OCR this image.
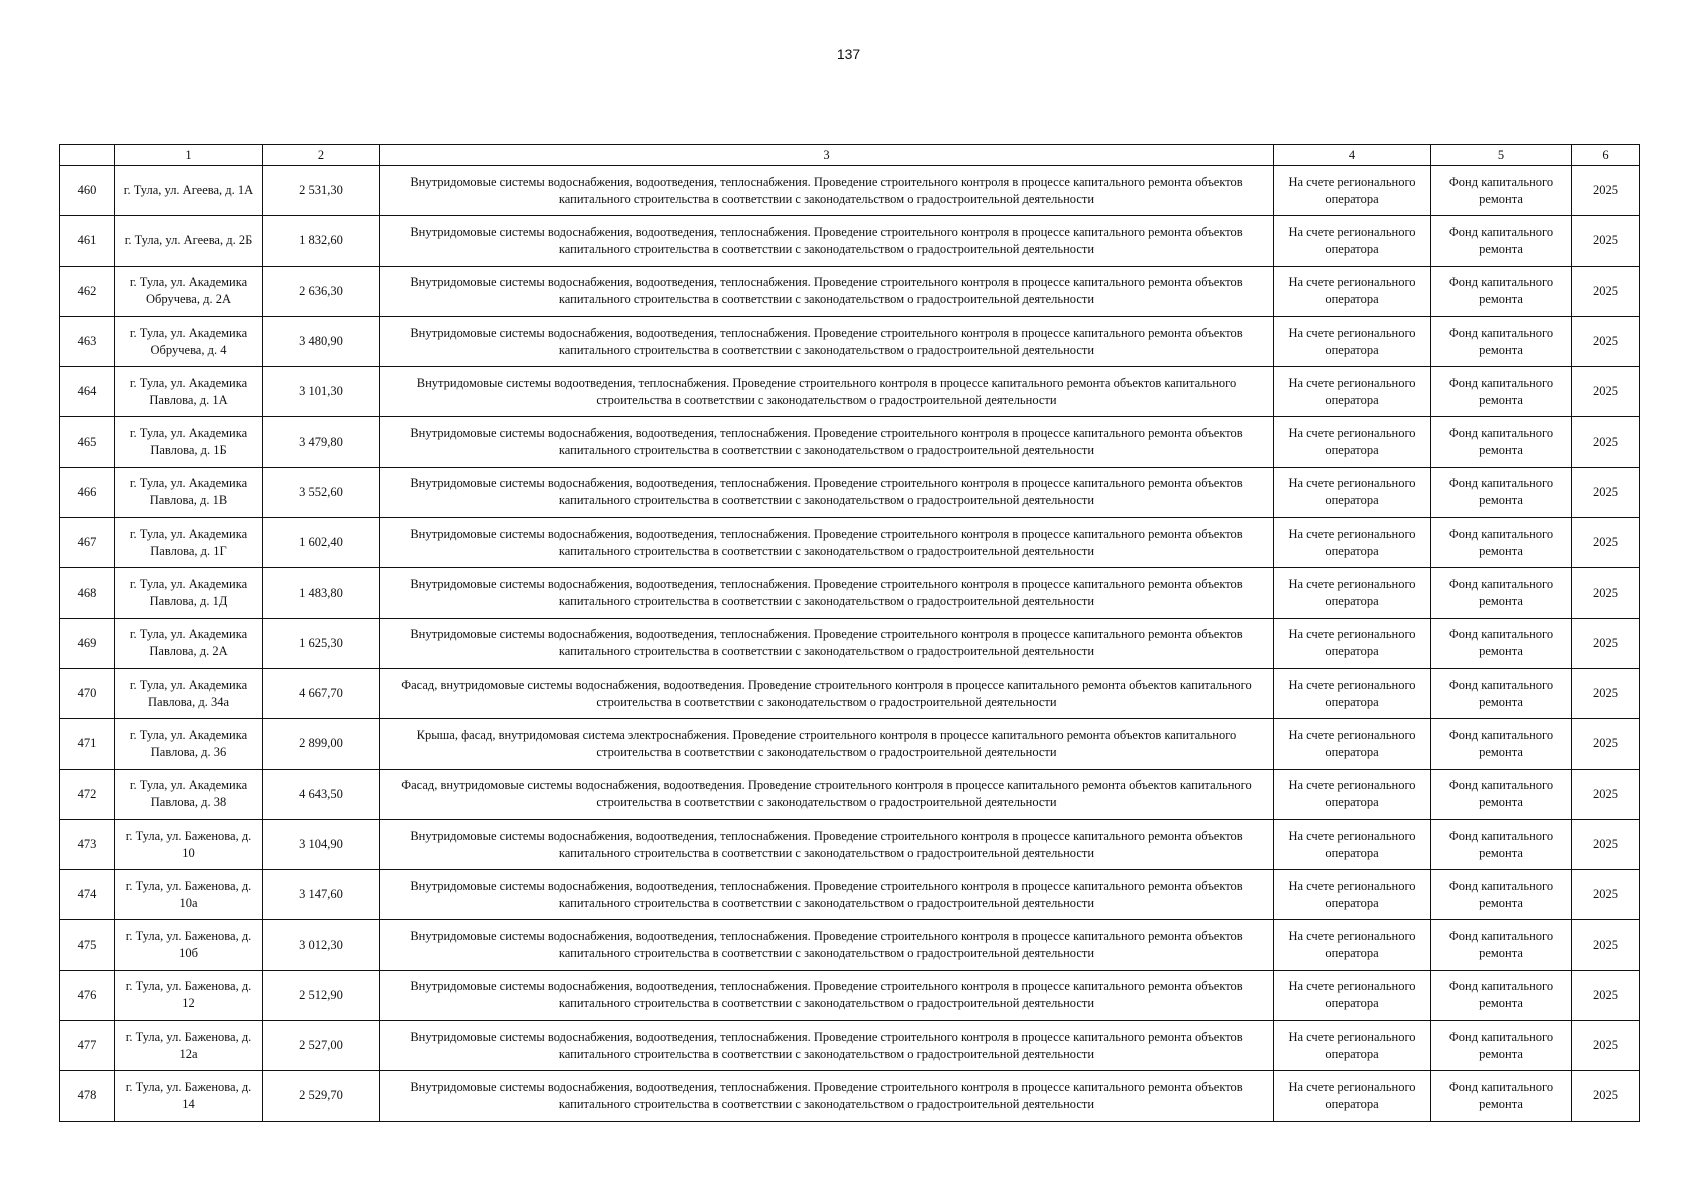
137
	1	2	3	4	5	6
460	г. Тула, ул. Агеева, д. 1А	2 531,30	Внутридомовые системы водоснабжения, водоотведения, теплоснабжения. Проведение строительного контроля в процессе капитального ремонта объектов капитального строительства в соответствии с законодательством о градостроительной деятельности	На счете регионального оператора	Фонд капитального ремонта	2025
461	г. Тула, ул. Агеева, д. 2Б	1 832,60	Внутридомовые системы водоснабжения, водоотведения, теплоснабжения. Проведение строительного контроля в процессе капитального ремонта объектов капитального строительства в соответствии с законодательством о градостроительной деятельности	На счете регионального оператора	Фонд капитального ремонта	2025
462	г. Тула, ул. Академика Обручева, д. 2А	2 636,30	Внутридомовые системы водоснабжения, водоотведения, теплоснабжения. Проведение строительного контроля в процессе капитального ремонта объектов капитального строительства в соответствии с законодательством о градостроительной деятельности	На счете регионального оператора	Фонд капитального ремонта	2025
463	г. Тула, ул. Академика Обручева, д. 4	3 480,90	Внутридомовые системы водоснабжения, водоотведения, теплоснабжения. Проведение строительного контроля в процессе капитального ремонта объектов капитального строительства в соответствии с законодательством о градостроительной деятельности	На счете регионального оператора	Фонд капитального ремонта	2025
464	г. Тула, ул. Академика Павлова, д. 1А	3 101,30	Внутридомовые системы водоотведения, теплоснабжения. Проведение строительного контроля в процессе капитального ремонта объектов капитального строительства в соответствии с законодательством о градостроительной деятельности	На счете регионального оператора	Фонд капитального ремонта	2025
465	г. Тула, ул. Академика Павлова, д. 1Б	3 479,80	Внутридомовые системы водоснабжения, водоотведения, теплоснабжения. Проведение строительного контроля в процессе капитального ремонта объектов капитального строительства в соответствии с законодательством о градостроительной деятельности	На счете регионального оператора	Фонд капитального ремонта	2025
466	г. Тула, ул. Академика Павлова, д. 1В	3 552,60	Внутридомовые системы водоснабжения, водоотведения, теплоснабжения. Проведение строительного контроля в процессе капитального ремонта объектов капитального строительства в соответствии с законодательством о градостроительной деятельности	На счете регионального оператора	Фонд капитального ремонта	2025
467	г. Тула, ул. Академика Павлова, д. 1Г	1 602,40	Внутридомовые системы водоснабжения, водоотведения, теплоснабжения. Проведение строительного контроля в процессе капитального ремонта объектов капитального строительства в соответствии с законодательством о градостроительной деятельности	На счете регионального оператора	Фонд капитального ремонта	2025
468	г. Тула, ул. Академика Павлова, д. 1Д	1 483,80	Внутридомовые системы водоснабжения, водоотведения, теплоснабжения. Проведение строительного контроля в процессе капитального ремонта объектов капитального строительства в соответствии с законодательством о градостроительной деятельности	На счете регионального оператора	Фонд капитального ремонта	2025
469	г. Тула, ул. Академика Павлова, д. 2А	1 625,30	Внутридомовые системы водоснабжения, водоотведения, теплоснабжения. Проведение строительного контроля в процессе капитального ремонта объектов капитального строительства в соответствии с законодательством о градостроительной деятельности	На счете регионального оператора	Фонд капитального ремонта	2025
470	г. Тула, ул. Академика Павлова, д. 34а	4 667,70	Фасад, внутридомовые системы водоснабжения, водоотведения. Проведение строительного контроля в процессе капитального ремонта объектов капитального строительства в соответствии с законодательством о градостроительной деятельности	На счете регионального оператора	Фонд капитального ремонта	2025
471	г. Тула, ул. Академика Павлова, д. 36	2 899,00	Крыша, фасад, внутридомовая система электроснабжения. Проведение строительного контроля в процессе капитального ремонта объектов капитального строительства в соответствии с законодательством о градостроительной деятельности	На счете регионального оператора	Фонд капитального ремонта	2025
472	г. Тула, ул. Академика Павлова, д. 38	4 643,50	Фасад, внутридомовые системы водоснабжения, водоотведения. Проведение строительного контроля в процессе капитального ремонта объектов капитального строительства в соответствии с законодательством о градостроительной деятельности	На счете регионального оператора	Фонд капитального ремонта	2025
473	г. Тула, ул. Баженова, д. 10	3 104,90	Внутридомовые системы водоснабжения, водоотведения, теплоснабжения. Проведение строительного контроля в процессе капитального ремонта объектов капитального строительства в соответствии с законодательством о градостроительной деятельности	На счете регионального оператора	Фонд капитального ремонта	2025
474	г. Тула, ул. Баженова, д. 10а	3 147,60	Внутридомовые системы водоснабжения, водоотведения, теплоснабжения. Проведение строительного контроля в процессе капитального ремонта объектов капитального строительства в соответствии с законодательством о градостроительной деятельности	На счете регионального оператора	Фонд капитального ремонта	2025
475	г. Тула, ул. Баженова, д. 10б	3 012,30	Внутридомовые системы водоснабжения, водоотведения, теплоснабжения. Проведение строительного контроля в процессе капитального ремонта объектов капитального строительства в соответствии с законодательством о градостроительной деятельности	На счете регионального оператора	Фонд капитального ремонта	2025
476	г. Тула, ул. Баженова, д. 12	2 512,90	Внутридомовые системы водоснабжения, водоотведения, теплоснабжения. Проведение строительного контроля в процессе капитального ремонта объектов капитального строительства в соответствии с законодательством о градостроительной деятельности	На счете регионального оператора	Фонд капитального ремонта	2025
477	г. Тула, ул. Баженова, д. 12а	2 527,00	Внутридомовые системы водоснабжения, водоотведения, теплоснабжения. Проведение строительного контроля в процессе капитального ремонта объектов капитального строительства в соответствии с законодательством о градостроительной деятельности	На счете регионального оператора	Фонд капитального ремонта	2025
478	г. Тула, ул. Баженова, д. 14	2 529,70	Внутридомовые системы водоснабжения, водоотведения, теплоснабжения. Проведение строительного контроля в процессе капитального ремонта объектов капитального строительства в соответствии с законодательством о градостроительной деятельности	На счете регионального оператора	Фонд капитального ремонта	2025
